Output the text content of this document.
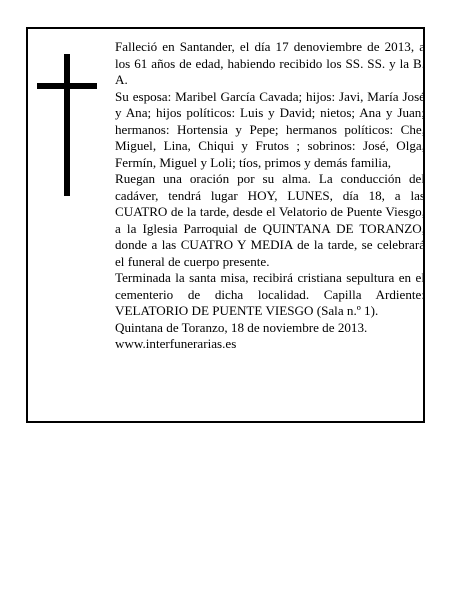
Falleció en Santander, el día 17 denoviembre de 2013, a los 61 años de edad, habiendo recibido los SS. SS. y la B. A.

Su esposa: Maribel García Cavada; hijos: Javi, María José y Ana; hijos políticos: Luis y David; nietos; Ana y Juan; hermanos: Hortensia y Pepe; hermanos políticos: Che, Miguel, Lina, Chiqui y Frutos ; sobrinos: José, Olga, Fermín, Miguel y Loli; tíos, primos y demás familia,

Ruegan una oración por su alma. La conducción del cadáver, tendrá lugar HOY, LUNES, día 18, a las CUATRO de la tarde, desde el Velatorio de Puente Viesgo, a la Iglesia Parroquial de QUINTANA DE TORANZO, donde a las CUATRO Y MEDIA de la tarde, se celebrará el funeral de cuerpo presente.

Terminada la santa misa, recibirá cristiana sepultura en el cementerio de dicha localidad. Capilla Ardiente: VELATORIO DE PUENTE VIESGO (Sala n.º 1).

Quintana de Toranzo, 18 de noviembre de 2013.

www.interfunerarias.es
